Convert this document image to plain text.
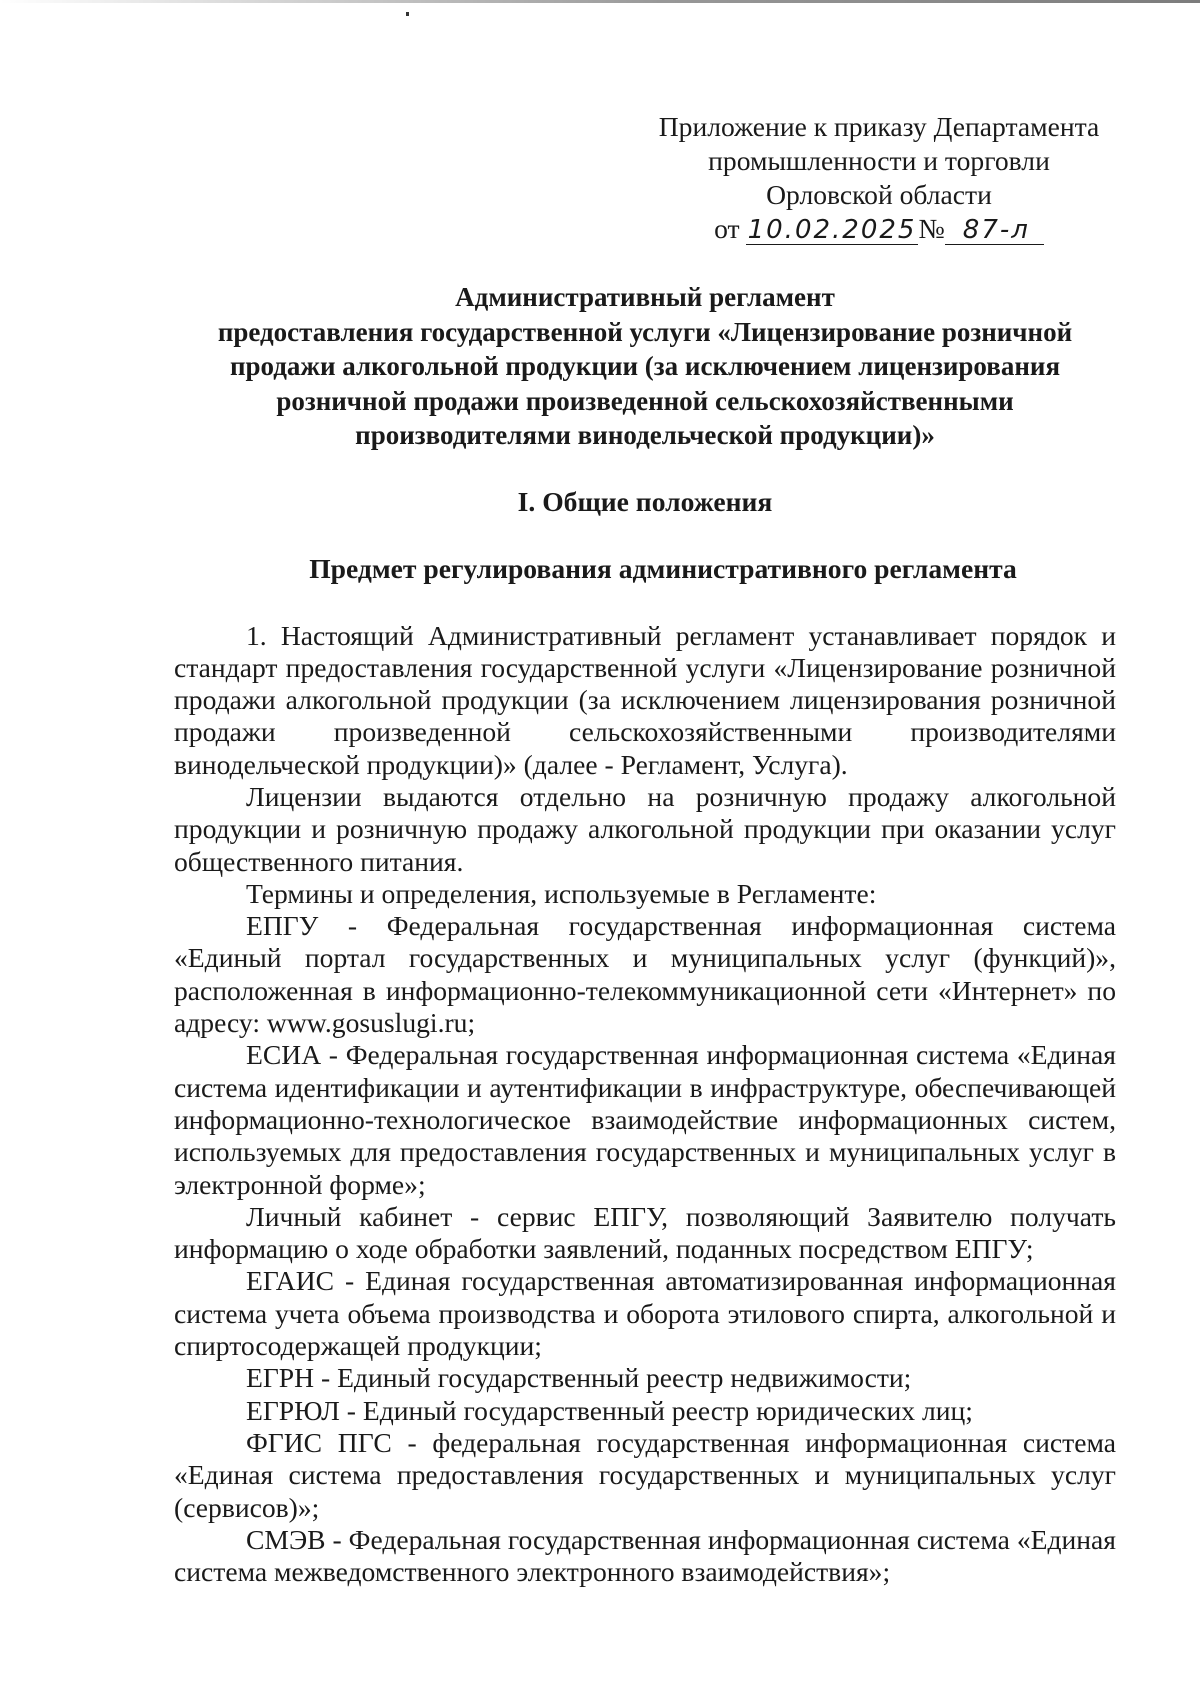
Приложение к приказу Департамента
промышленности и торговли
Орловской области
от 10.02.2025 № 87-л
Административный регламент
предоставления государственной услуги «Лицензирование розничной
продажи алкогольной продукции (за исключением лицензирования
розничной продажи произведенной сельскохозяйственными
производителями винодельческой продукции)»
I. Общие положения
Предмет регулирования административного регламента

1. Настоящий Административный регламент устанавливает порядок и стандарт предоставления государственной услуги «Лицензирование розничной продажи алкогольной продукции (за исключением лицензирования розничной продажи произведенной сельскохозяйственными производителями винодельческой продукции)» (далее - Регламент, Услуга).

Лицензии выдаются отдельно на розничную продажу алкогольной продукции и розничную продажу алкогольной продукции при оказании услуг общественного питания.

Термины и определения, используемые в Регламенте:

ЕПГУ - Федеральная государственная информационная система «Единый портал государственных и муниципальных услуг (функций)», расположенная в информационно-телекоммуникационной сети «Интернет» по адресу: www.gosuslugi.ru;

ЕСИА - Федеральная государственная информационная система «Единая система идентификации и аутентификации в инфраструктуре, обеспечивающей информационно-технологическое взаимодействие информационных систем, используемых для предоставления государственных и муниципальных услуг в электронной форме»;

Личный кабинет - сервис ЕПГУ, позволяющий Заявителю получать информацию о ходе обработки заявлений, поданных посредством ЕПГУ;

ЕГАИС - Единая государственная автоматизированная информационная система учета объема производства и оборота этилового спирта, алкогольной и спиртосодержащей продукции;

ЕГРН - Единый государственный реестр недвижимости;

ЕГРЮЛ - Единый государственный реестр юридических лиц;

ФГИС ПГС - федеральная государственная информационная система «Единая система предоставления государственных и муниципальных услуг (сервисов)»;

СМЭВ - Федеральная государственная информационная система «Единая система межведомственного электронного взаимодействия»;
